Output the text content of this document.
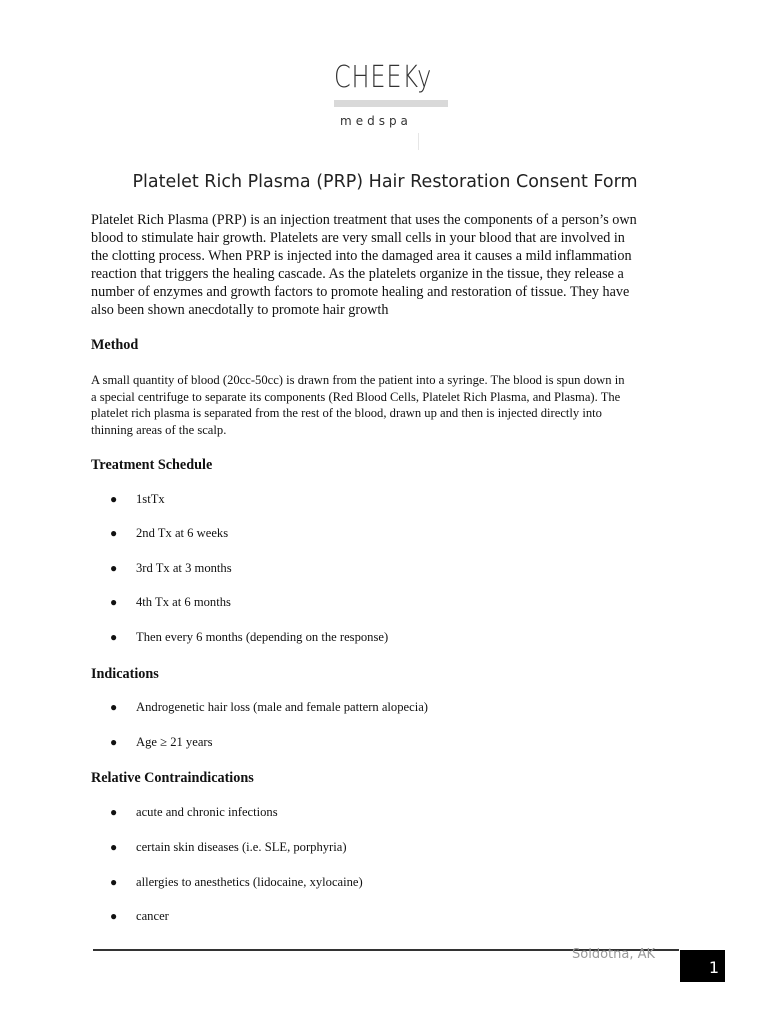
CHEEKy
medspa
Platelet Rich Plasma (PRP) Hair Restoration Consent Form
Platelet Rich Plasma (PRP) is an injection treatment that uses the components of a person’s own
blood to stimulate hair growth. Platelets are very small cells in your blood that are involved in
the clotting process. When PRP is injected into the damaged area it causes a mild inflammation
reaction that triggers the healing cascade. As the platelets organize in the tissue, they release a
number of enzymes and growth factors to promote healing and restoration of tissue. They have
also been shown anecdotally to promote hair growth
Method
A small quantity of blood (20cc-50cc) is drawn from the patient into a syringe. The blood is spun down in
a special centrifuge to separate its components (Red Blood Cells, Platelet Rich Plasma, and Plasma). The
platelet rich plasma is separated from the rest of the blood, drawn up and then is injected directly into
thinning areas of the scalp.
Treatment Schedule
● 1stTx
● 2nd Tx at 6 weeks
● 3rd Tx at 3 months
● 4th Tx at 6 months
● Then every 6 months (depending on the response)
Indications
● Androgenetic hair loss (male and female pattern alopecia)
● Age ≥ 21 years
Relative Contraindications
● acute and chronic infections
● certain skin diseases (i.e. SLE, porphyria)
● allergies to anesthetics (lidocaine, xylocaine)
● cancer
Soldotna, AK
1
